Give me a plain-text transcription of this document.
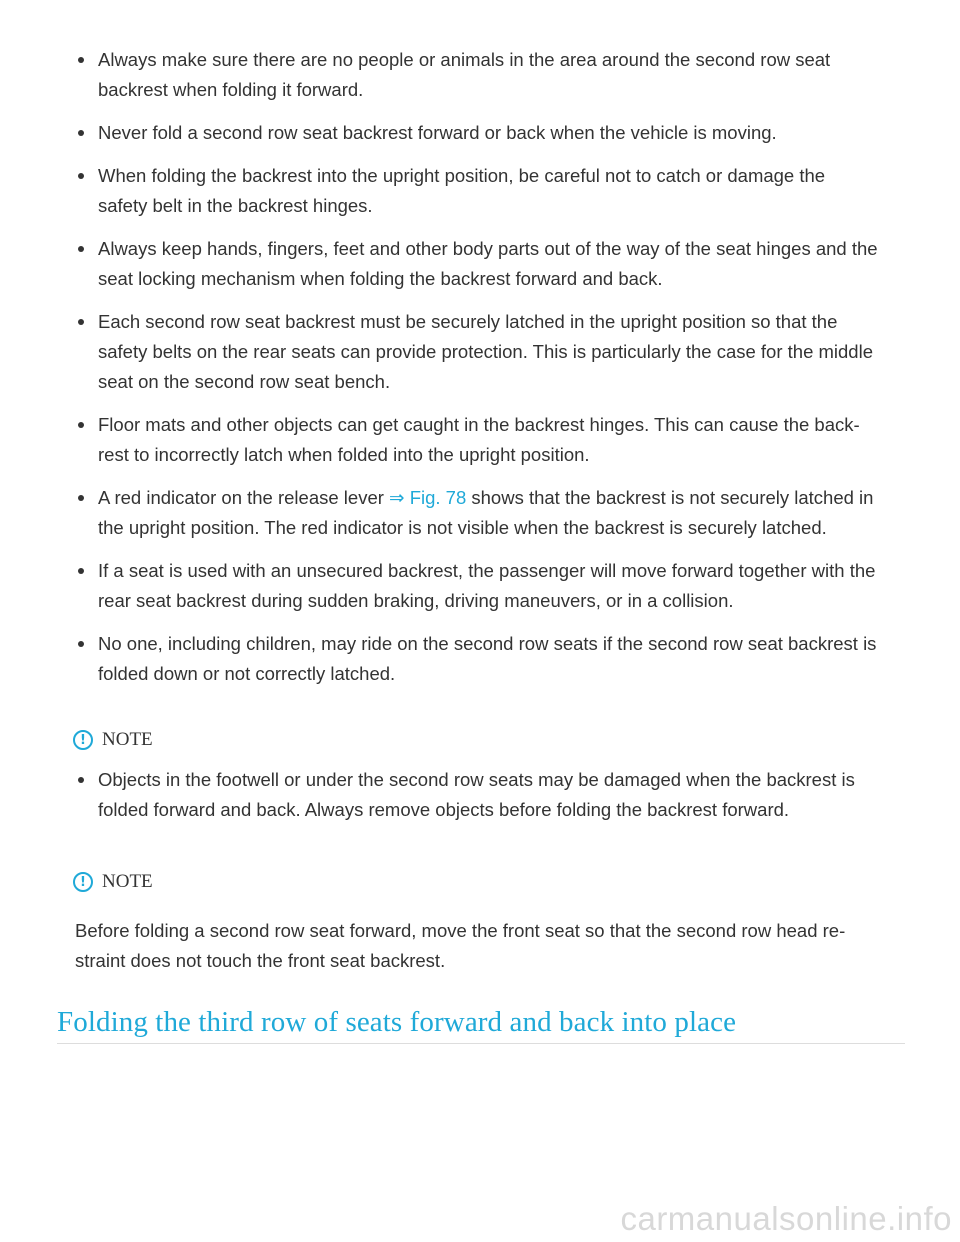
Always make sure there are no people or animals in the area around the second row seat backrest when folding it forward.
Never fold a second row seat backrest forward or back when the vehicle is moving.
When folding the backrest into the upright position, be careful not to catch or damage the safety belt in the backrest hinges.
Always keep hands, fingers, feet and other body parts out of the way of the seat hinges and the seat locking mechanism when folding the backrest forward and back.
Each second row seat backrest must be securely latched in the upright position so that the safety belts on the rear seats can provide protection. This is particularly the case for the middle seat on the second row seat bench.
Floor mats and other objects can get caught in the backrest hinges. This can cause the backrest to incorrectly latch when folded into the upright position.
A red indicator on the release lever ⇒ Fig. 78 shows that the backrest is not securely latched in the upright position. The red indicator is not visible when the backrest is securely latched.
If a seat is used with an unsecured backrest, the passenger will move forward together with the rear seat backrest during sudden braking, driving maneuvers, or in a collision.
No one, including children, may ride on the second row seats if the second row seat backrest is folded down or not correctly latched.
! NOTE
Objects in the footwell or under the second row seats may be damaged when the backrest is folded forward and back. Always remove objects before folding the backrest forward.
! NOTE

Before folding a second row seat forward, move the front seat so that the second row head restraint does not touch the front seat backrest.

Folding the third row of seats forward and back into place
carmanualsonline.info
